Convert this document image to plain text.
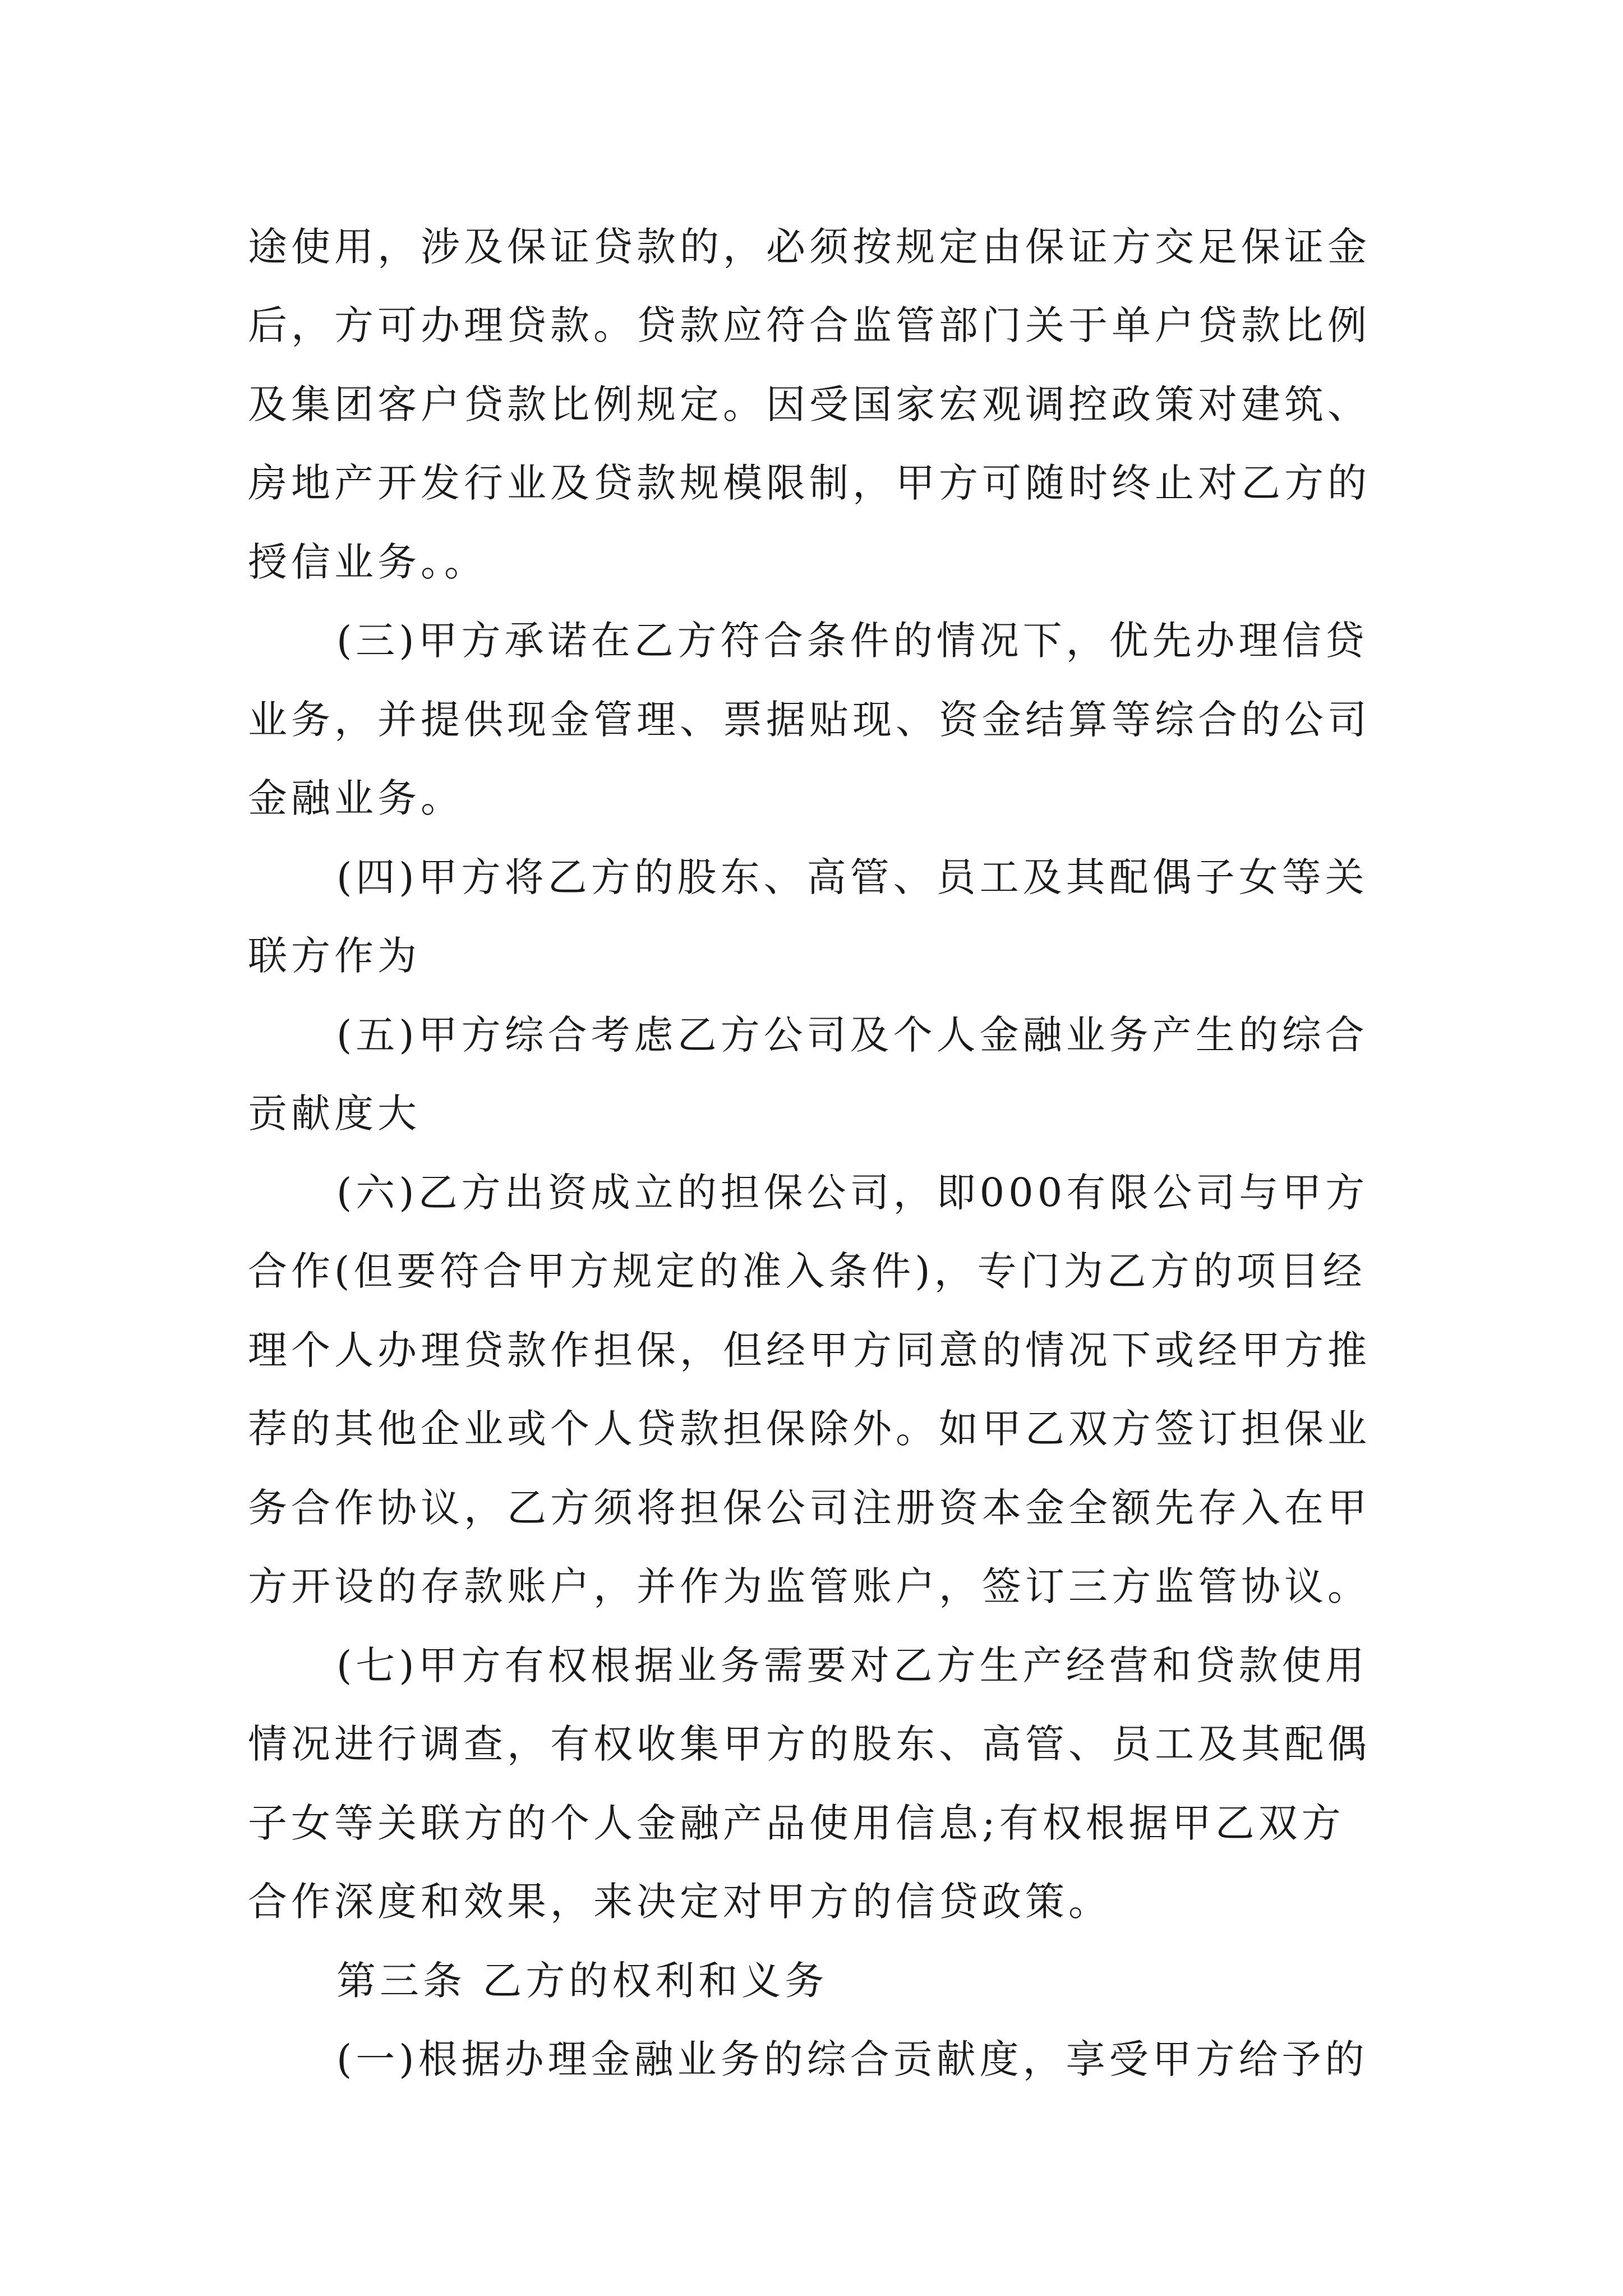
途使用，涉及保证贷款的，必须按规定由保证方交足保证金
后，方可办理贷款。贷款应符合监管部门关于单户贷款比例
及集团客户贷款比例规定。因受国家宏观调控政策对建筑、
房地产开发行业及贷款规模限制，甲方可随时终止对乙方的
授信业务。。
(三)甲方承诺在乙方符合条件的情况下，优先办理信贷
业务，并提供现金管理、票据贴现、资金结算等综合的公司
金融业务。
(四)甲方将乙方的股东、高管、员工及其配偶子女等关
联方作为
(五)甲方综合考虑乙方公司及个人金融业务产生的综合
贡献度大
(六)乙方出资成立的担保公司，即000有限公司与甲方
合作(但要符合甲方规定的准入条件)，专门为乙方的项目经
理个人办理贷款作担保，但经甲方同意的情况下或经甲方推
荐的其他企业或个人贷款担保除外。如甲乙双方签订担保业
务合作协议，乙方须将担保公司注册资本金全额先存入在甲
方开设的存款账户，并作为监管账户，签订三方监管协议。
(七)甲方有权根据业务需要对乙方生产经营和贷款使用
情况进行调查，有权收集甲方的股东、高管、员工及其配偶
子女等关联方的个人金融产品使用信息;有权根据甲乙双方
合作深度和效果，来决定对甲方的信贷政策。
第三条 乙方的权利和义务
(一)根据办理金融业务的综合贡献度，享受甲方给予的
